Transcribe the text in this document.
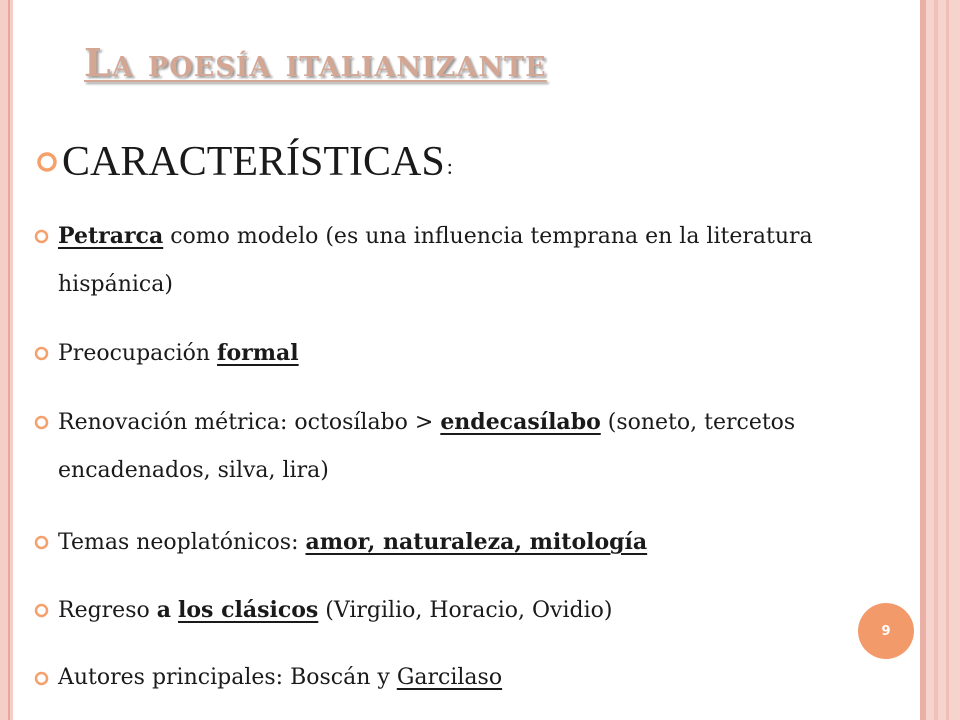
La poesía italianizante
CARACTERÍSTICAS :
Petrarca como modelo (es una influencia temprana en la literatura hispánica)
Preocupación formal
Renovación métrica: octosílabo > endecasílabo (soneto, tercetos encadenados, silva, lira)
Temas neoplatónicos: amor, naturaleza, mitología
Regreso a los clásicos (Virgilio, Horacio, Ovidio)
Autores principales: Boscán y Garcilaso
9
